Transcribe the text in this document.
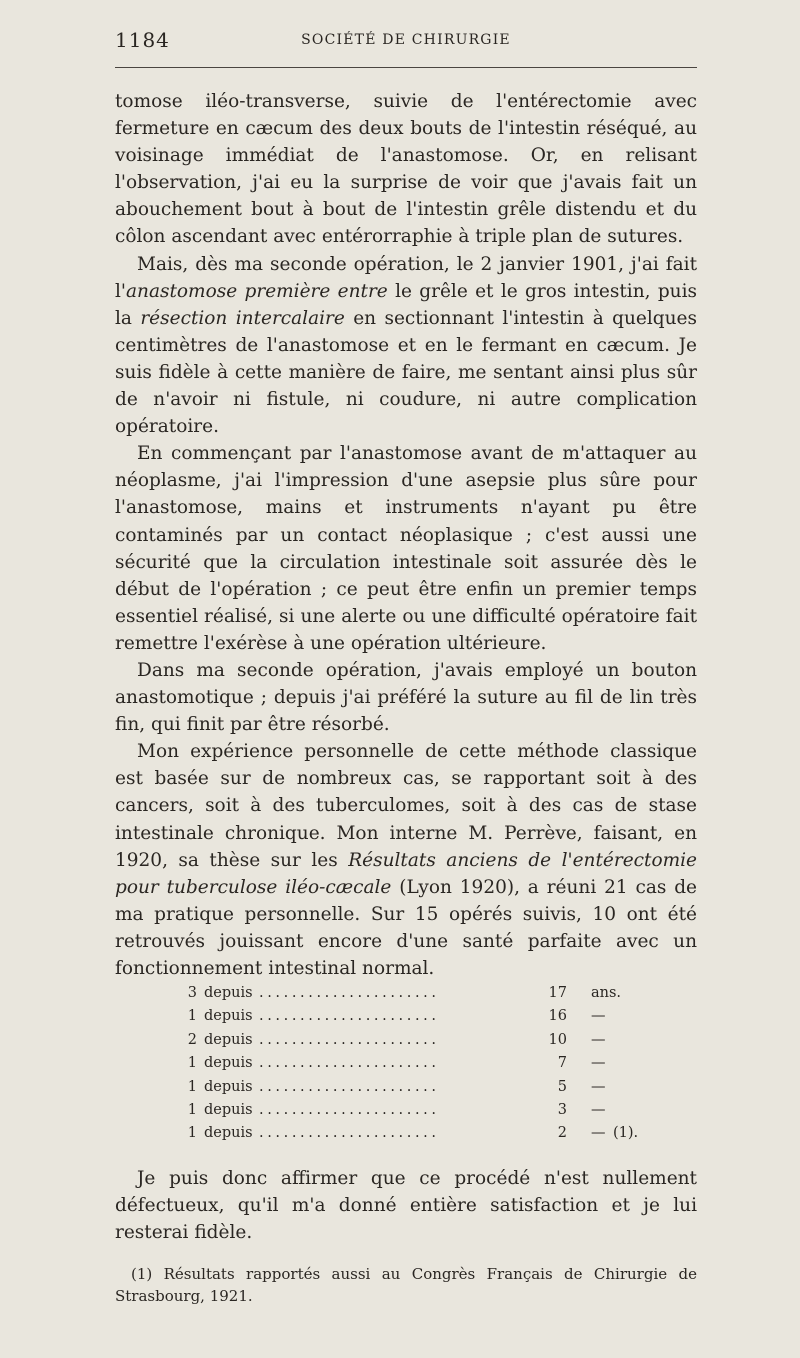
1184	SOCIÉTÉ DE CHIRURGIE

tomose iléo-transverse, suivie de l'entérectomie avec fermeture en cæcum des deux bouts de l'intestin réséqué, au voisinage immédiat de l'anastomose. Or, en relisant l'observation, j'ai eu la surprise de voir que j'avais fait un abouchement bout à bout de l'intestin grêle distendu et du côlon ascendant avec entérorraphie à triple plan de sutures.

Mais, dès ma seconde opération, le 2 janvier 1901, j'ai fait l'anastomose première entre le grêle et le gros intestin, puis la résection intercalaire en sectionnant l'intestin à quelques centimètres de l'anastomose et en le fermant en cæcum. Je suis fidèle à cette manière de faire, me sentant ainsi plus sûr de n'avoir ni fistule, ni coudure, ni autre complication opératoire.

En commençant par l'anastomose avant de m'attaquer au néoplasme, j'ai l'impression d'une asepsie plus sûre pour l'anastomose, mains et instruments n'ayant pu être contaminés par un contact néoplasique ; c'est aussi une sécurité que la circulation intestinale soit assurée dès le début de l'opération ; ce peut être enfin un premier temps essentiel réalisé, si une alerte ou une difficulté opératoire fait remettre l'exérèse à une opération ultérieure.

Dans ma seconde opération, j'avais employé un bouton anastomotique ; depuis j'ai préféré la suture au fil de lin très fin, qui finit par être résorbé.

Mon expérience personnelle de cette méthode classique est basée sur de nombreux cas, se rapportant soit à des cancers, soit à des tuberculomes, soit à des cas de stase intestinale chronique. Mon interne M. Perrève, faisant, en 1920, sa thèse sur les Résultats anciens de l'entérectomie pour tuberculose iléo-cæcale (Lyon 1920), a réuni 21 cas de ma pratique personnelle. Sur 15 opérés suivis, 10 ont été retrouvés jouissant encore d'une santé parfaite avec un fonctionnement intestinal normal.

3 depuis ......................	17 ans.
1 depuis ......................	16 —
2 depuis ......................	10 —
1 depuis ......................	7 —
1 depuis ......................	5 —
1 depuis ......................	3 —
1 depuis ......................	2 — (1).

Je puis donc affirmer que ce procédé n'est nullement défectueux, qu'il m'a donné entière satisfaction et je lui resterai fidèle.

(1) Résultats rapportés aussi au Congrès Français de Chirurgie de Strasbourg, 1921.
